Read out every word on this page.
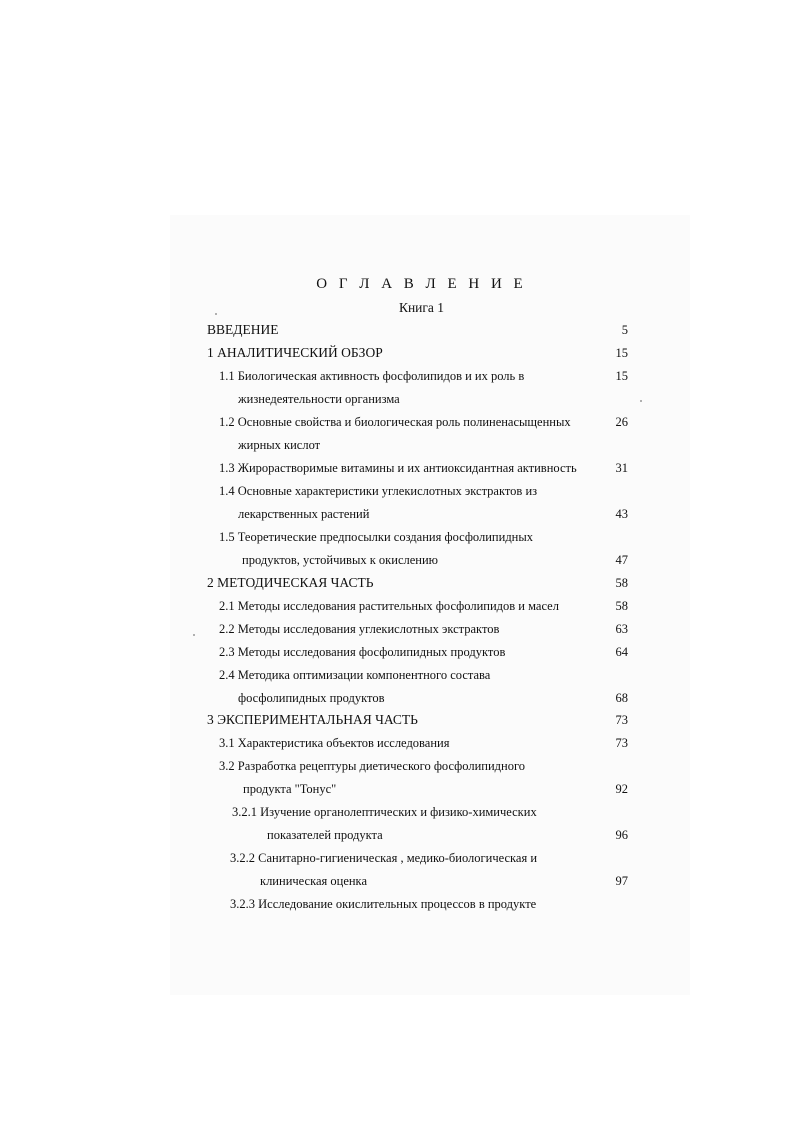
О Г Л А В Л Е Н И Е
Книга 1
ВВЕДЕНИЕ	5
1 АНАЛИТИЧЕСКИЙ ОБЗОР	15
1.1 Биологическая активность фосфолипидов и их роль в	15
жизнедеятельности организма
1.2 Основные свойства и биологическая роль полиненасыщенных	26
жирных кислот
1.3 Жирорастворимые витамины и их антиоксидантная активность	31
1.4 Основные характеристики углекислотных экстрактов из
лекарственных растений	43
1.5 Теоретические предпосылки создания фосфолипидных
продуктов, устойчивых к окислению	47
2 МЕТОДИЧЕСКАЯ ЧАСТЬ	58
2.1 Методы исследования растительных фосфолипидов и масел	58
2.2 Методы исследования углекислотных экстрактов	63
2.3 Методы исследования фосфолипидных продуктов	64
2.4 Методика оптимизации компонентного состава
фосфолипидных продуктов	68
3 ЭКСПЕРИМЕНТАЛЬНАЯ ЧАСТЬ	73
3.1 Характеристика объектов исследования	73
3.2 Разработка рецептуры диетического фосфолипидного
продукта "Тонус"	92
3.2.1 Изучение органолептических и физико-химических
показателей продукта	96
3.2.2 Санитарно-гигиеническая , медико-биологическая и
клиническая оценка	97
3.2.3 Исследование окислительных процессов в продукте
